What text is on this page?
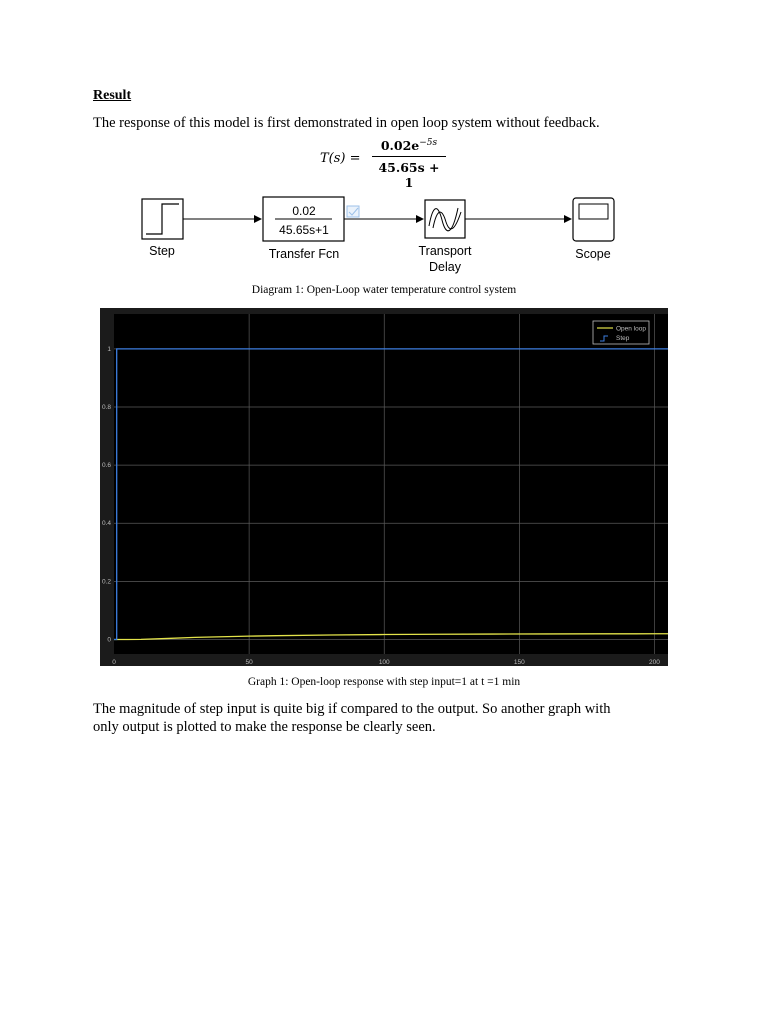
Result
The response of this model is first demonstrated in open loop system without feedback.
T(s) =
$0.02e^{-5s}$
45.65s + 1
0.02
45.65s+1
Step	Transfer Fcn	Transport
Delay
Scope
Diagram 1: Open-Loop water temperature control system
0	50	100	150	200
0
0.2
0.4
0.6
0.8
1
Open loop
Step
Graph 1: Open-loop response with step input=1 at t =1 min
The magnitude of step input is quite big if compared to the output. So another graph with
only output is plotted to make the response be clearly seen.
